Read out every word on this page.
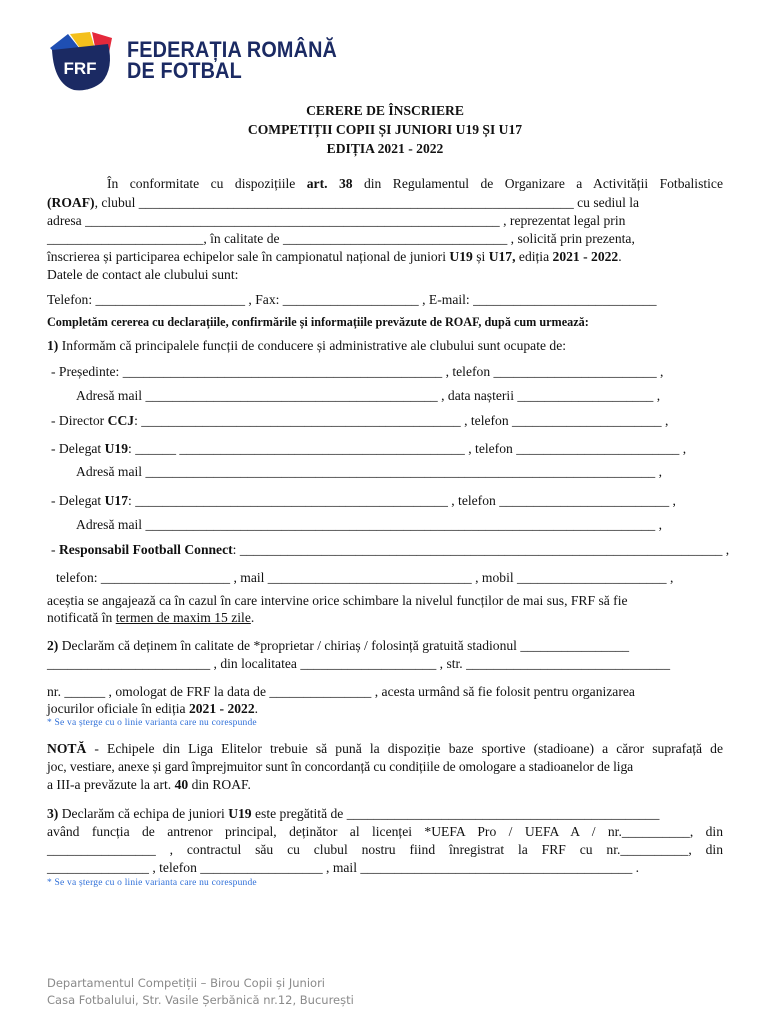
FRF
FEDERAȚIA ROMÂNĂ
DE FOTBAL
CERERE DE ÎNSCRIERE
COMPETIȚII COPII ȘI JUNIORI U19 ȘI U17
EDIȚIA 2021 - 2022
În conformitate cu dispozițiile art. 38 din Regulamentul de Organizare a Activității Fotbalistice
(ROAF), clubul ________________________________________________________________ cu sediul la
adresa _____________________________________________________________ , reprezentat legal prin
_______________________, în calitate de _________________________________ , solicită prin prezenta,
înscrierea și participarea echipelor sale în campionatul național de juniori U19 și U17, ediția 2021 - 2022.
Datele de contact ale clubului sunt:
Telefon: ______________________ , Fax: ____________________ , E-mail: ___________________________
Completăm cererea cu declarațiile, confirmările și informațiile prevăzute de ROAF, după cum urmează:
1) Informăm că principalele funcții de conducere și administrative ale clubului sunt ocupate de:
- Președinte: _______________________________________________ , telefon ________________________ ,
Adresă mail ___________________________________________ , data nașterii ____________________ ,
- Director CCJ: _______________________________________________ , telefon ______________________ ,
- Delegat U19: ______ __________________________________________ , telefon ________________________ ,
Adresă mail ___________________________________________________________________________ ,
- Delegat U17: ______________________________________________ , telefon _________________________ ,
Adresă mail ___________________________________________________________________________ ,
- Responsabil Football Connect: _______________________________________________________________________ ,
telefon: ___________________ , mail ______________________________ , mobil ______________________ ,
aceștia se angajează ca în cazul în care intervine orice schimbare la nivelul funcților de mai sus, FRF să fie
notificată în termen de maxim 15 zile.
2) Declarăm că deținem în calitate de *proprietar / chiriaș / folosință gratuită stadionul ________________
________________________ , din localitatea ____________________ , str. ______________________________
nr. ______ , omologat de FRF la data de _______________ , acesta urmând să fie folosit pentru organizarea
jocurilor oficiale în ediția 2021 - 2022.
* Se va șterge cu o linie varianta care nu corespunde
NOTĂ - Echipele din Liga Elitelor trebuie să pună la dispoziție baze sportive (stadioane) a căror suprafață de
joc, vestiare, anexe și gard împrejmuitor sunt în concordanță cu condițiile de omologare a stadioanelor de liga
a III-a prevăzute la art. 40 din ROAF.
3) Declarăm că echipa de juniori U19 este pregătită de ______________________________________________
având funcția de antrenor principal, deținător al licenței *UEFA Pro / UEFA A / nr.__________, din
________________ , contractul său cu clubul nostru fiind înregistrat la FRF cu nr.__________, din
_______________ , telefon __________________ , mail ________________________________________ .
* Se va șterge cu o linie varianta care nu corespunde
Departamentul Competiții – Birou Copii și Juniori
Casa Fotbalului, Str. Vasile Șerbănică nr.12, București
